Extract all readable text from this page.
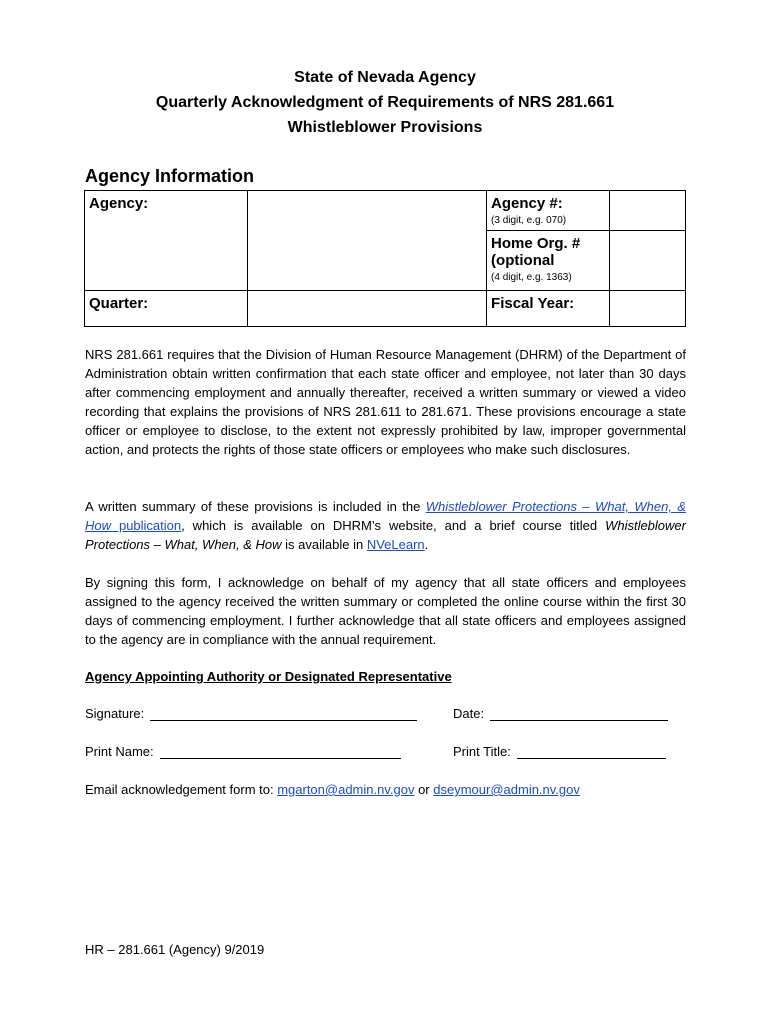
State of Nevada Agency
Quarterly Acknowledgment of Requirements of NRS 281.661
Whistleblower Provisions
Agency Information
Agency:		Agency #:
(3 digit, e.g. 070)	

		Home Org. #
(optional
(4 digit, e.g. 1363)	

Quarter:		Fiscal Year:	
NRS 281.661 requires that the Division of Human Resource Management (DHRM) of the Department of Administration obtain written confirmation that each state officer and employee, not later than 30 days after commencing employment and annually thereafter, received a written summary or viewed a video recording that explains the provisions of NRS 281.611 to 281.671. These provisions encourage a state officer or employee to disclose, to the extent not expressly prohibited by law, improper governmental action, and protects the rights of those state officers or employees who make such disclosures.
A written summary of these provisions is included in the Whistleblower Protections – What, When, & How publication, which is available on DHRM’s website, and a brief course titled Whistleblower Protections – What, When, & How is available in NVeLearn.
By signing this form, I acknowledge on behalf of my agency that all state officers and employees assigned to the agency received the written summary or completed the online course within the first 30 days of commencing employment. I further acknowledge that all state officers and employees assigned to the agency are in compliance with the annual requirement.
Agency Appointing Authority or Designated Representative
Signature:	Date:
Print Name:	Print Title:
Email acknowledgement form to: mgarton@admin.nv.gov or dseymour@admin.nv.gov
HR – 281.661 (Agency) 9/2019
